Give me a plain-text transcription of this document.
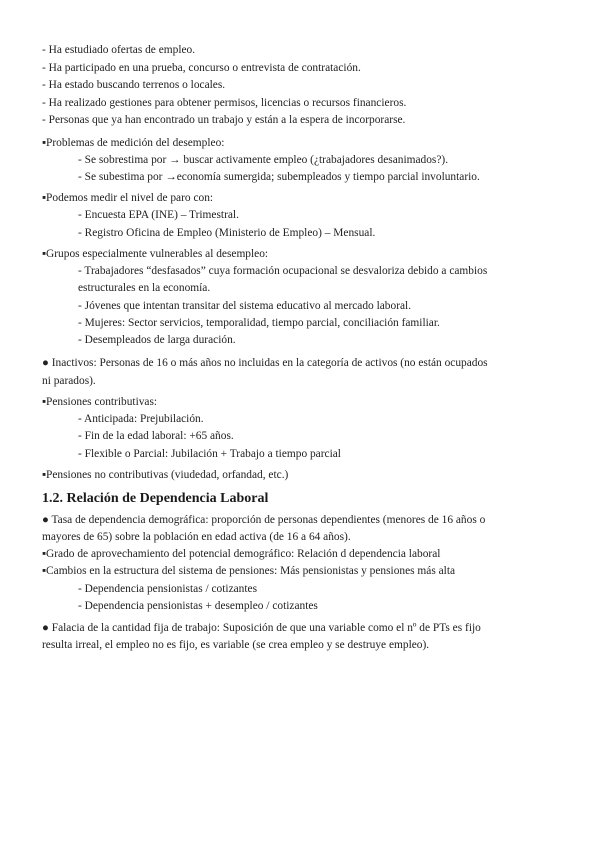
- Ha estudiado ofertas de empleo.
- Ha participado en una prueba, concurso o entrevista de contratación.
- Ha estado buscando terrenos o locales.
- Ha realizado gestiones para obtener permisos, licencias o recursos financieros.
- Personas que ya han encontrado un trabajo y están a la espera de incorporarse.
▪Problemas de medición del desempleo:
- Se sobrestima por → buscar activamente empleo (¿trabajadores desanimados?).
- Se subestima por →economía sumergida; subempleados y tiempo parcial involuntario.
▪Podemos medir el nivel de paro con:
- Encuesta EPA (INE) – Trimestral.
- Registro Oficina de Empleo (Ministerio de Empleo) – Mensual.
▪Grupos especialmente vulnerables al desempleo:
- Trabajadores “desfasados” cuya formación ocupacional se desvaloriza debido a cambios
estructurales en la economía.
- Jóvenes que intentan transitar del sistema educativo al mercado laboral.
- Mujeres: Sector servicios, temporalidad, tiempo parcial, conciliación familiar.
- Desempleados de larga duración.
● Inactivos: Personas de 16 o más años no incluidas en la categoría de activos (no están ocupados
ni parados).
▪Pensiones contributivas:
- Anticipada: Prejubilación.
- Fin de la edad laboral: +65 años.
- Flexible o Parcial: Jubilación + Trabajo a tiempo parcial
▪Pensiones no contributivas (viudedad, orfandad, etc.)
1.2. Relación de Dependencia Laboral
● Tasa de dependencia demográfica: proporción de personas dependientes (menores de 16 años o
mayores de 65) sobre la población en edad activa (de 16 a 64 años).
▪Grado de aprovechamiento del potencial demográfico: Relación d dependencia laboral
▪Cambios en la estructura del sistema de pensiones: Más pensionistas y pensiones más alta
- Dependencia pensionistas / cotizantes
- Dependencia pensionistas + desempleo / cotizantes
● Falacia de la cantidad fija de trabajo: Suposición de que una variable como el nº de PTs es fijo
resulta irreal, el empleo no es fijo, es variable (se crea empleo y se destruye empleo).
